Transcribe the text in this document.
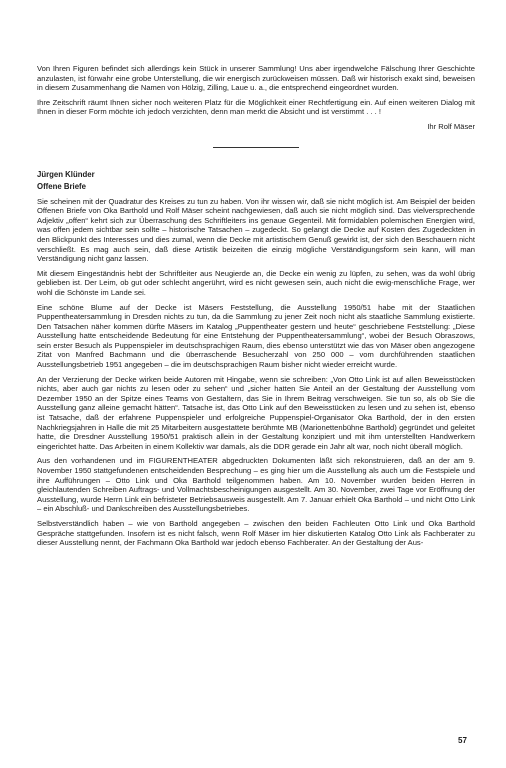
Von Ihren Figuren befindet sich allerdings kein Stück in unserer Sammlung! Uns aber irgendwelche Fälschung Ihrer Geschichte anzulasten, ist fürwahr eine grobe Unterstellung, die wir energisch zurückweisen müssen. Daß wir historisch exakt sind, beweisen in diesem Zusammenhang die Namen von Hölzig, Zilling, Laue u. a., die entsprechend eingeordnet wurden.

Ihre Zeitschrift räumt Ihnen sicher noch weiteren Platz für die Möglichkeit einer Rechtfertigung ein. Auf einen weiteren Dialog mit Ihnen in dieser Form möchte ich jedoch verzichten, denn man merkt die Absicht und ist verstimmt . . . !

Ihr Rolf Mäser

Jürgen Klünder
Offene Briefe

Sie scheinen mit der Quadratur des Kreises zu tun zu haben. Von ihr wissen wir, daß sie nicht möglich ist. Am Beispiel der beiden Offenen Briefe von Oka Barthold und Rolf Mäser scheint nachgewiesen, daß auch sie nicht möglich sind. Das vielversprechende Adjektiv „offen“ kehrt sich zur Überraschung des Schriftleiters ins genaue Gegenteil. Mit formidablen polemischen Energien wird, was offen jedem sichtbar sein sollte – historische Tatsachen – zugedeckt. So gelangt die Decke auf Kosten des Zugedeckten in den Blickpunkt des Interesses und dies zumal, wenn die Decke mit artistischem Genuß gewirkt ist, der sich den Beschauern nicht verschließt. Es mag auch sein, daß diese Artistik beizeiten die einzig mögliche Verständigungsform sein kann, will man Verständigung nicht ganz lassen.

Mit diesem Eingeständnis hebt der Schriftleiter aus Neugierde an, die Decke ein wenig zu lüpfen, zu sehen, was da wohl übrig geblieben ist. Der Leim, ob gut oder schlecht angerührt, wird es nicht gewesen sein, auch nicht die ewig-menschliche Frage, wer wohl die Schönste im Lande sei.

Eine schöne Blume auf der Decke ist Mäsers Feststellung, die Ausstellung 1950/51 habe mit der Staatlichen Puppentheatersammlung in Dresden nichts zu tun, da die Sammlung zu jener Zeit noch nicht als staatliche Sammlung existierte. Den Tatsachen näher kommen dürfte Mäsers im Katalog „Puppentheater gestern und heute“ geschriebene Feststellung: „Diese Ausstellung hatte entscheidende Bedeutung für eine Entstehung der Puppentheatersammlung“, wobei der Besuch Obraszows, sein erster Besuch als Puppenspieler im deutschsprachigen Raum, dies ebenso unterstützt wie das von Mäser oben angezogene Zitat von Manfred Bachmann und die überraschende Besucherzahl von 250 000 – vom durchführenden staatlichen Ausstellungsbetrieb 1951 angegeben – die im deutschsprachigen Raum bisher nicht wieder erreicht wurde.

An der Verzierung der Decke wirken beide Autoren mit Hingabe, wenn sie schreiben: „Von Otto Link ist auf allen Beweisstücken nichts, aber auch gar nichts zu lesen oder zu sehen“ und „sicher hatten Sie Anteil an der Gestaltung der Ausstellung vom Dezember 1950 an der Spitze eines Teams von Gestaltern, das Sie in Ihrem Beitrag verschweigen. Sie tun so, als ob Sie die Ausstellung ganz alleine gemacht hätten“. Tatsache ist, das Otto Link auf den Beweisstücken zu lesen und zu sehen ist, ebenso ist Tatsache, daß der erfahrene Puppenspieler und erfolgreiche Puppenspiel-Organisator Oka Barthold, der in den ersten Nachkriegsjahren in Halle die mit 25 Mitarbeitern ausgestattete berühmte MB (Marionettenbühne Barthold) gegründet und geleitet hatte, die Dresdner Ausstellung 1950/51 praktisch allein in der Gestaltung konzipiert und mit ihm unterstellten Handwerkern eingerichtet hatte. Das Arbeiten in einem Kollektiv war damals, als die DDR gerade ein Jahr alt war, noch nicht überall möglich.

Aus den vorhandenen und im FIGURENTHEATER abgedruckten Dokumenten läßt sich rekonstruieren, daß an der am 9. November 1950 stattgefundenen entscheidenden Besprechung – es ging hier um die Ausstellung als auch um die Festspiele und ihre Aufführungen – Otto Link und Oka Barthold teilgenommen haben. Am 10. November wurden beiden Herren in gleichlautenden Schreiben Auftrags- und Vollmachtsbescheinigungen ausgestellt. Am 30. November, zwei Tage vor Eröffnung der Ausstellung, wurde Herrn Link ein befristeter Betriebsausweis ausgestellt. Am 7. Januar erhielt Oka Barthold – und nicht Otto Link – ein Abschluß- und Dankschreiben des Ausstellungsbetriebes.

Selbstverständlich haben – wie von Barthold angegeben – zwischen den beiden Fachleuten Otto Link und Oka Barthold Gespräche stattgefunden. Insofern ist es nicht falsch, wenn Rolf Mäser im hier diskutierten Katalog Otto Link als Fachberater zu dieser Ausstellung nennt, der Fachmann Oka Barthold war jedoch ebenso Fachberater. An der Gestaltung der Aus-

57
